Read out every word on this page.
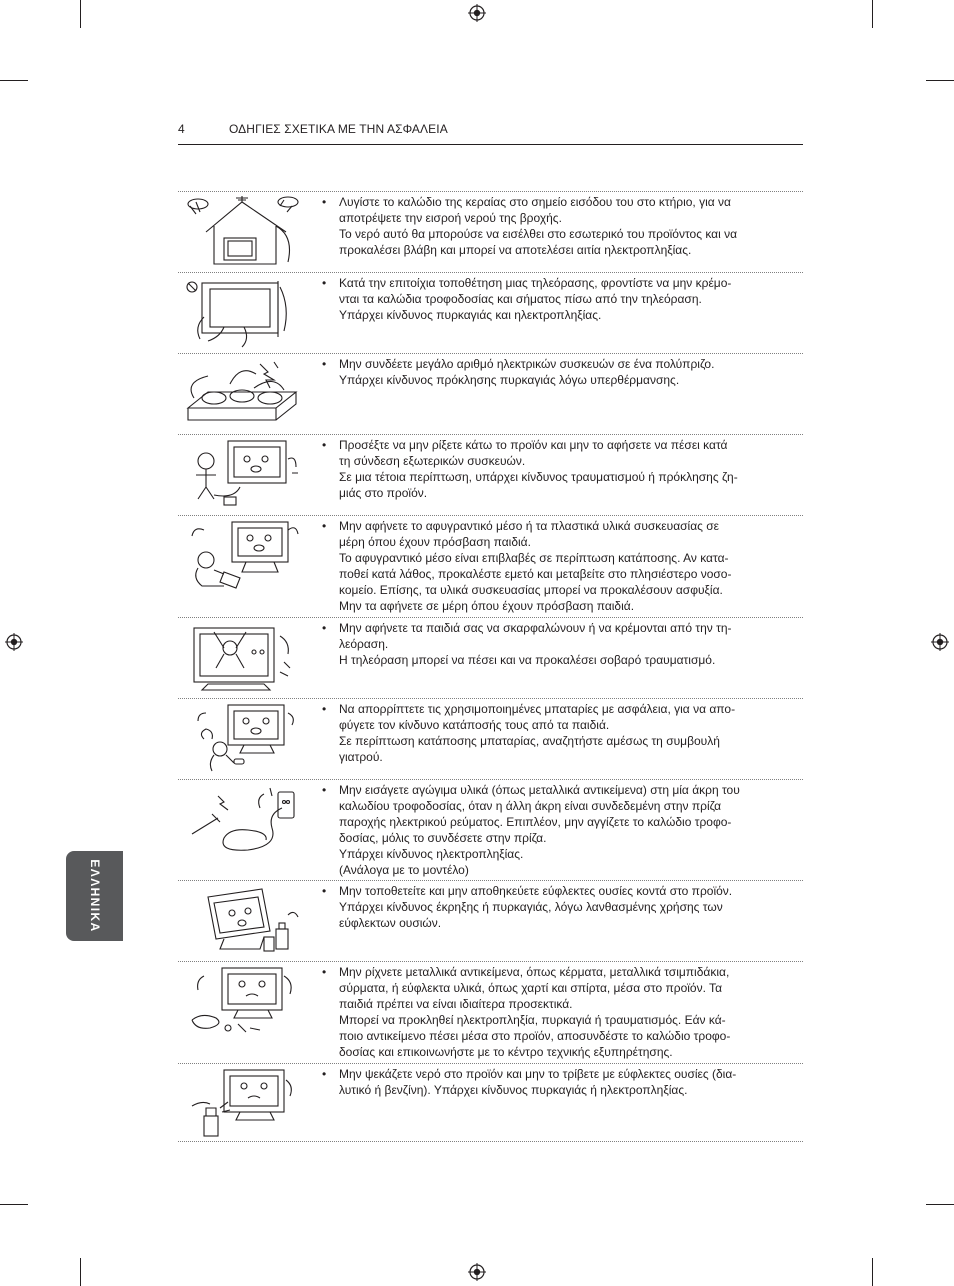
4	ΟΔΗΓΙΕΣ ΣΧΕΤΙΚΑ ΜΕ ΤΗΝ ΑΣΦΑΛΕΙΑ
ΕΛΛΗΝΙΚΑ
• Λυγίστε το καλώδιο της κεραίας στο σημείο εισόδου του στο κτήριο, για να
αποτρέψετε την εισροή νερού της βροχής.
Το νερό αυτό θα μπορούσε να εισέλθει στο εσωτερικό του προϊόντος και να
προκαλέσει βλάβη και μπορεί να αποτελέσει αιτία ηλεκτροπληξίας.
• Κατά την επιτοίχια τοποθέτηση μιας τηλεόρασης, φροντίστε να μην κρέμο-
νται τα καλώδια τροφοδοσίας και σήματος πίσω από την τηλεόραση.
Υπάρχει κίνδυνος πυρκαγιάς και ηλεκτροπληξίας.
• Μην συνδέετε μεγάλο αριθμό ηλεκτρικών συσκευών σε ένα πολύπριζο.
Υπάρχει κίνδυνος πρόκλησης πυρκαγιάς λόγω υπερθέρμανσης.
• Προσέξτε να μην ρίξετε κάτω το προϊόν και μην το αφήσετε να πέσει κατά
τη σύνδεση εξωτερικών συσκευών.
Σε μια τέτοια περίπτωση, υπάρχει κίνδυνος τραυματισμού ή πρόκλησης ζη-
μιάς στο προϊόν.
• Μην αφήνετε το αφυγραντικό μέσο ή τα πλαστικά υλικά συσκευασίας σε
μέρη όπου έχουν πρόσβαση παιδιά.
Το αφυγραντικό μέσο είναι επιβλαβές σε περίπτωση κατάποσης. Αν κατα-
ποθεί κατά λάθος, προκαλέστε εμετό και μεταβείτε στο πλησιέστερο νοσο-
κομείο. Επίσης, τα υλικά συσκευασίας μπορεί να προκαλέσουν ασφυξία.
Μην τα αφήνετε σε μέρη όπου έχουν πρόσβαση παιδιά.
• Μην αφήνετε τα παιδιά σας να σκαρφαλώνουν ή να κρέμονται από την τη-
λεόραση.
Η τηλεόραση μπορεί να πέσει και να προκαλέσει σοβαρό τραυματισμό.
• Να απορρίπτετε τις χρησιμοποιημένες μπαταρίες με ασφάλεια, για να απο-
φύγετε τον κίνδυνο κατάποσής τους από τα παιδιά.
Σε περίπτωση κατάποσης μπαταρίας, αναζητήστε αμέσως τη συμβουλή
γιατρού.
• Μην εισάγετε αγώγιμα υλικά (όπως μεταλλικά αντικείμενα) στη μία άκρη του
καλωδίου τροφοδοσίας, όταν η άλλη άκρη είναι συνδεδεμένη στην πρίζα
παροχής ηλεκτρικού ρεύματος. Επιπλέον, μην αγγίζετε το καλώδιο τροφο-
δοσίας, μόλις το συνδέσετε στην πρίζα.
Υπάρχει κίνδυνος ηλεκτροπληξίας.
(Ανάλογα με το μοντέλο)
• Μην τοποθετείτε και μην αποθηκεύετε εύφλεκτες ουσίες κοντά στο προϊόν.
Υπάρχει κίνδυνος έκρηξης ή πυρκαγιάς, λόγω λανθασμένης χρήσης των
εύφλεκτων ουσιών.
• Μην ρίχνετε μεταλλικά αντικείμενα, όπως κέρματα, μεταλλικά τσιμπιδάκια,
σύρματα, ή εύφλεκτα υλικά, όπως χαρτί και σπίρτα, μέσα στο προϊόν. Τα
παιδιά πρέπει να είναι ιδιαίτερα προσεκτικά.
Μπορεί να προκληθεί ηλεκτροπληξία, πυρκαγιά ή τραυματισμός. Εάν κά-
ποιο αντικείμενο πέσει μέσα στο προϊόν, αποσυνδέστε το καλώδιο τροφο-
δοσίας και επικοινωνήστε με το κέντρο τεχνικής εξυπηρέτησης.
• Μην ψεκάζετε νερό στο προϊόν και μην το τρίβετε με εύφλεκτες ουσίες (δια-
λυτικό ή βενζίνη). Υπάρχει κίνδυνος πυρκαγιάς ή ηλεκτροπληξίας.
